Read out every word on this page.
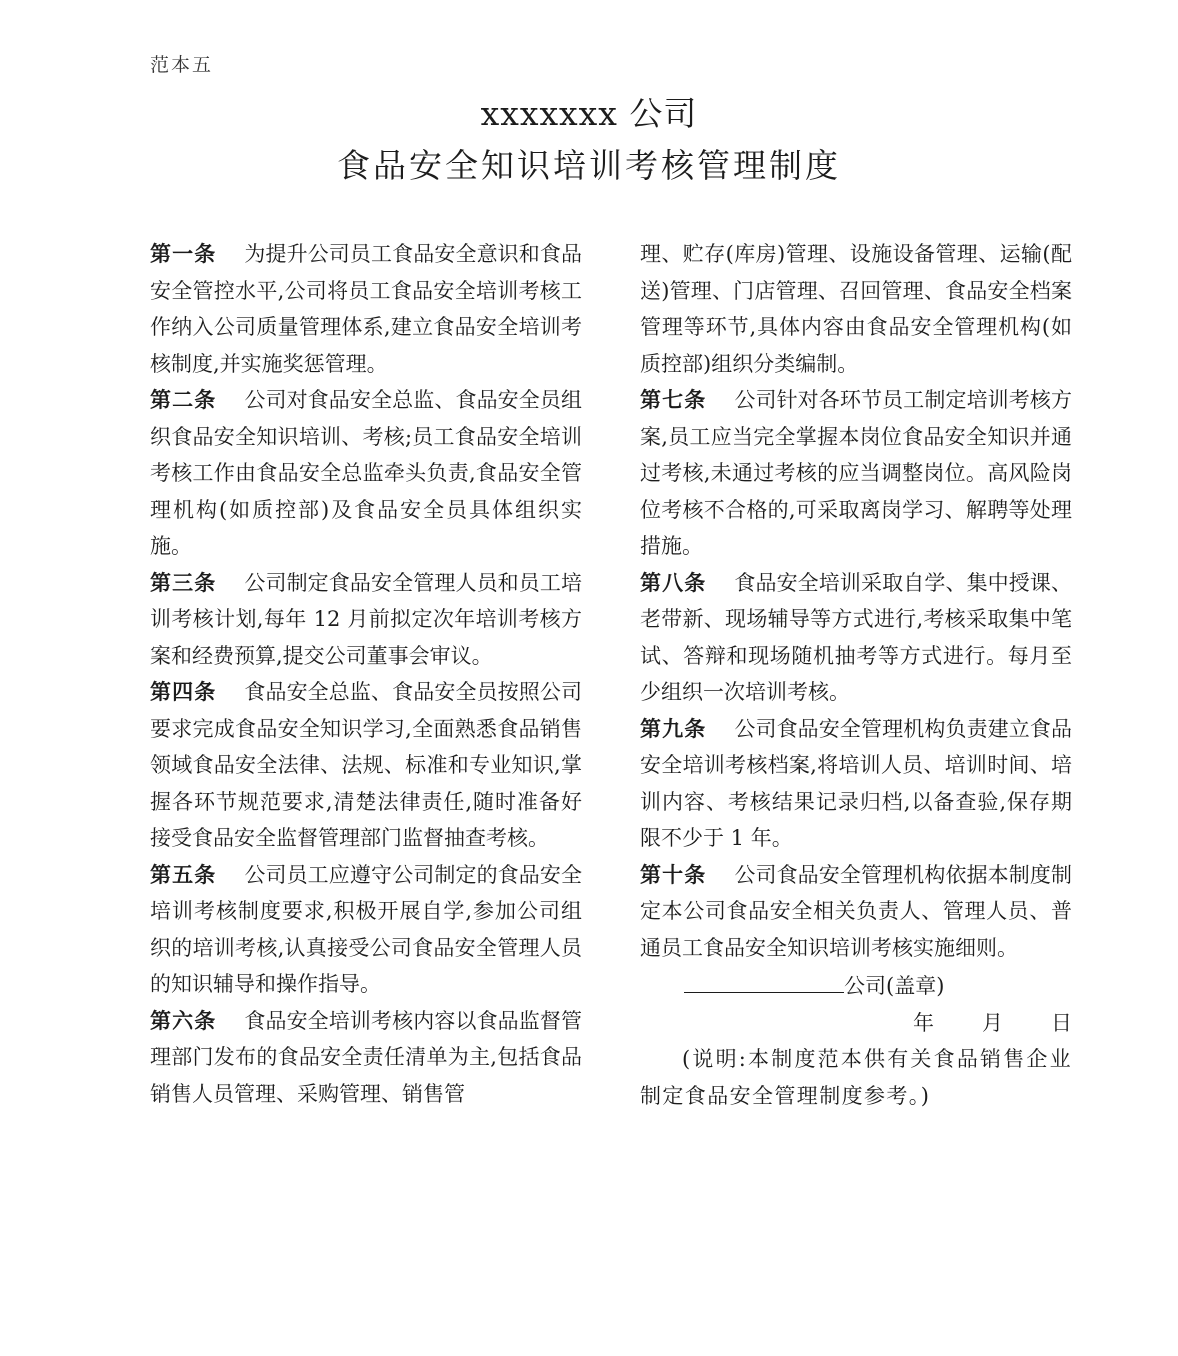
范本五
xxxxxxx 公司
食品安全知识培训考核管理制度

第一条 为提升公司员工食品安全意识和食品安全管控水平,公司将员工食品安全培训考核工作纳入公司质量管理体系,建立食品安全培训考核制度,并实施奖惩管理。

第二条 公司对食品安全总监、食品安全员组织食品安全知识培训、考核;员工食品安全培训考核工作由食品安全总监牵头负责,食品安全管理机构(如质控部)及食品安全员具体组织实施。

第三条 公司制定食品安全管理人员和员工培训考核计划,每年 12 月前拟定次年培训考核方案和经费预算,提交公司董事会审议。

第四条 食品安全总监、食品安全员按照公司要求完成食品安全知识学习,全面熟悉食品销售领域食品安全法律、法规、标准和专业知识,掌握各环节规范要求,清楚法律责任,随时准备好接受食品安全监督管理部门监督抽查考核。

第五条 公司员工应遵守公司制定的食品安全培训考核制度要求,积极开展自学,参加公司组织的培训考核,认真接受公司食品安全管理人员的知识辅导和操作指导。

第六条 食品安全培训考核内容以食品监督管理部门发布的食品安全责任清单为主,包括食品销售人员管理、采购管理、销售管

理、贮存(库房)管理、设施设备管理、运输(配送)管理、门店管理、召回管理、食品安全档案管理等环节,具体内容由食品安全管理机构(如质控部)组织分类编制。

第七条 公司针对各环节员工制定培训考核方案,员工应当完全掌握本岗位食品安全知识并通过考核,未通过考核的应当调整岗位。高风险岗位考核不合格的,可采取离岗学习、解聘等处理措施。

第八条 食品安全培训采取自学、集中授课、老带新、现场辅导等方式进行,考核采取集中笔试、答辩和现场随机抽考等方式进行。每月至少组织一次培训考核。

第九条 公司食品安全管理机构负责建立食品安全培训考核档案,将培训人员、培训时间、培训内容、考核结果记录归档,以备查验,保存期限不少于 1 年。

第十条 公司食品安全管理机构依据本制度制定本公司食品安全相关负责人、管理人员、普通员工食品安全知识培训考核实施细则。

公司(盖章)
年 月 日

(说明:本制度范本供有关食品销售企业制定食品安全管理制度参考。)
